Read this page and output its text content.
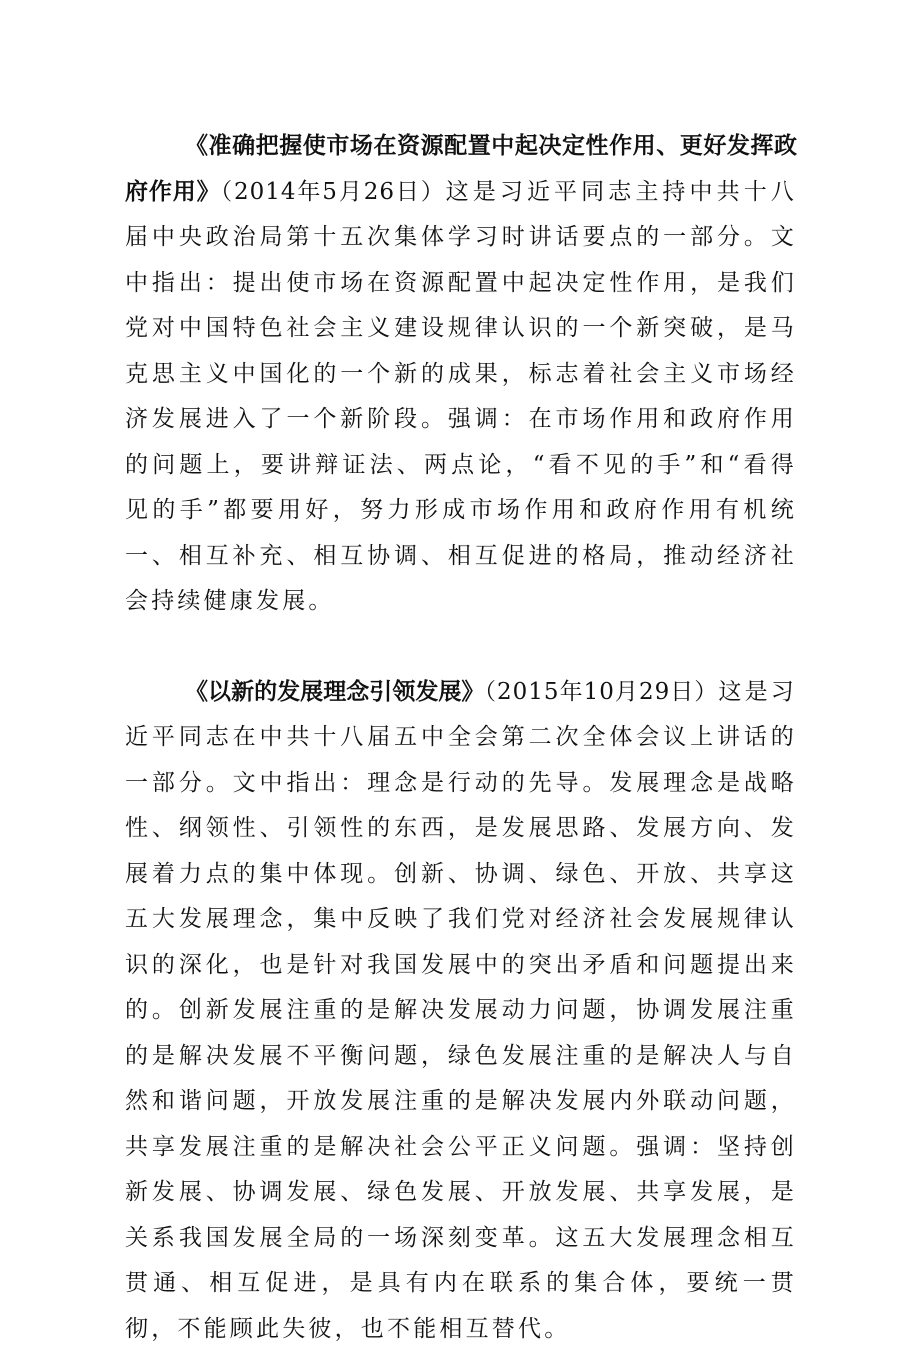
《准确把握使市场在资源配置中起决定性作用、更好发挥政府作用》（2014年5月26日）这是习近平同志主持中共十八届中央政治局第十五次集体学习时讲话要点的一部分。文中指出：提出使市场在资源配置中起决定性作用，是我们党对中国特色社会主义建设规律认识的一个新突破，是马克思主义中国化的一个新的成果，标志着社会主义市场经济发展进入了一个新阶段。强调：在市场作用和政府作用的问题上，要讲辩证法、两点论，“看不见的手”和“看得见的手”都要用好，努力形成市场作用和政府作用有机统一、相互补充、相互协调、相互促进的格局，推动经济社会持续健康发展。

《以新的发展理念引领发展》（2015年10月29日）这是习近平同志在中共十八届五中全会第二次全体会议上讲话的一部分。文中指出：理念是行动的先导。发展理念是战略性、纲领性、引领性的东西，是发展思路、发展方向、发展着力点的集中体现。创新、协调、绿色、开放、共享这五大发展理念，集中反映了我们党对经济社会发展规律认识的深化，也是针对我国发展中的突出矛盾和问题提出来的。创新发展注重的是解决发展动力问题，协调发展注重的是解决发展不平衡问题，绿色发展注重的是解决人与自然和谐问题，开放发展注重的是解决发展内外联动问题，共享发展注重的是解决社会公平正义问题。强调：坚持创新发展、协调发展、绿色发展、开放发展、共享发展，是关系我国发展全局的一场深刻变革。这五大发展理念相互贯通、相互促进，是具有内在联系的集合体，要统一贯彻，不能顾此失彼，也不能相互替代。
